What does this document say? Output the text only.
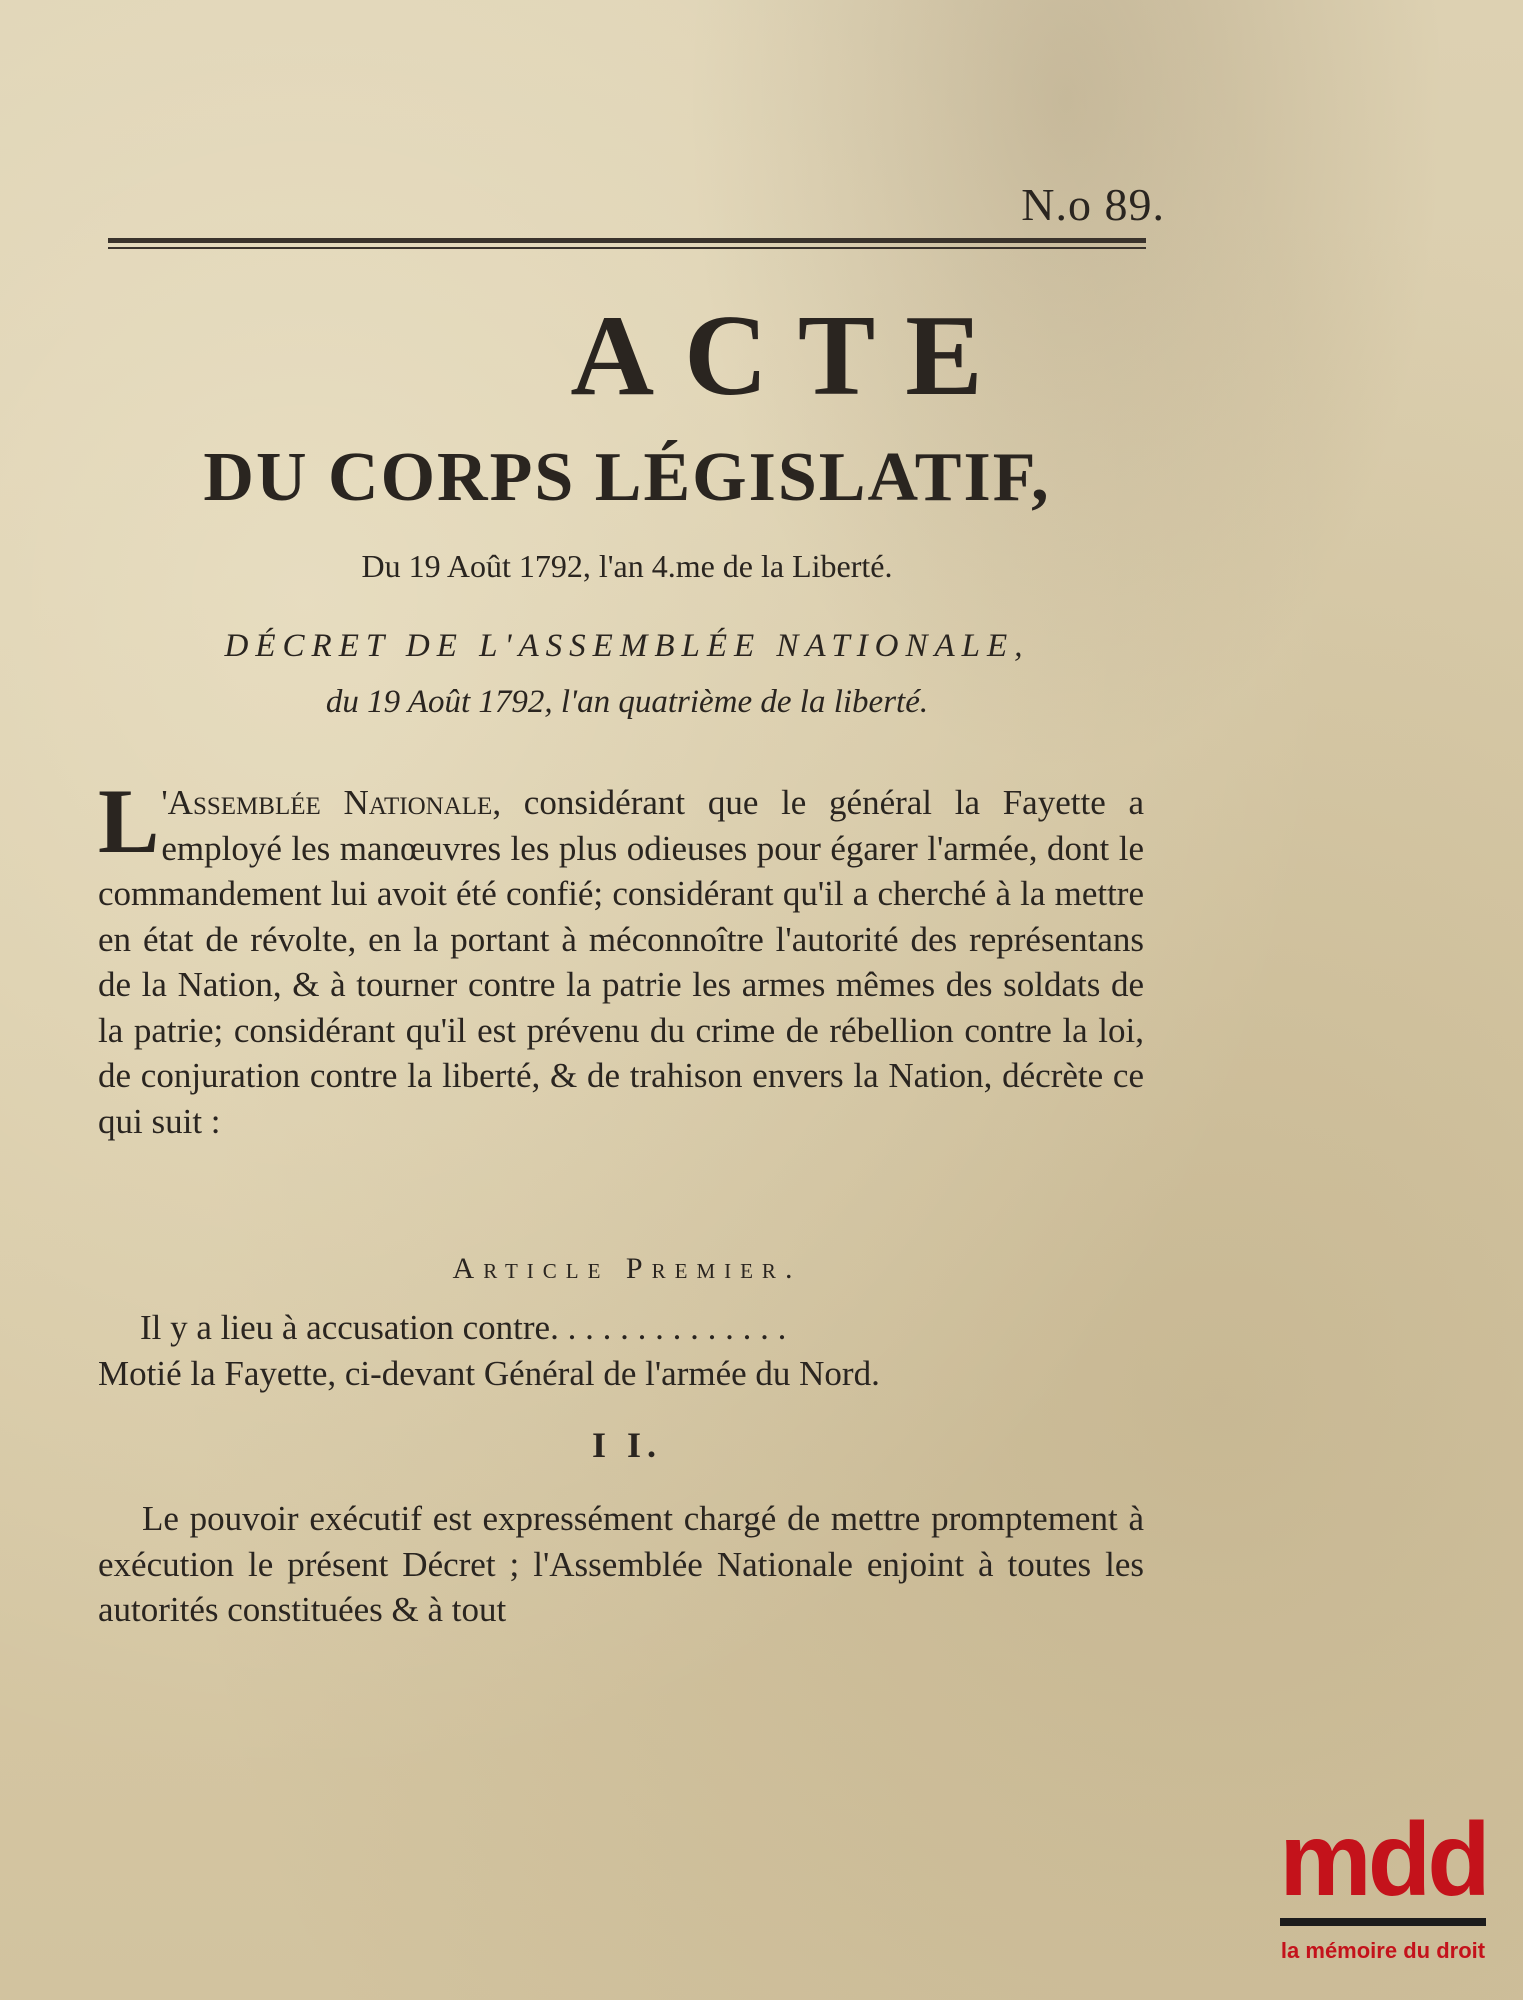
N.o 89.
ACTE
DU CORPS LÉGISLATIF,
Du 19 Août 1792, l'an 4.me de la Liberté.
DÉCRET DE L'ASSEMBLÉE NATIONALE,
du 19 Août 1792, l'an quatrième de la liberté.
L 'Assemblée Nationale, considérant que le général la Fayette a employé les manœuvres les plus odieuses pour égarer l'armée, dont le commandement lui avoit été confié; considérant qu'il a cherché à la mettre en état de révolte, en la portant à méconnoître l'autorité des représentans de la Nation, & à tourner contre la patrie les armes mêmes des soldats de la patrie; considérant qu'il est prévenu du crime de rébellion contre la loi, de conjuration contre la liberté, & de trahison envers la Nation, décrète ce qui suit :
Article Premier.
Il y a lieu à accusation contre. . . . . . . . . . . . . .
Motié la Fayette, ci-devant Général de l'armée du Nord.
I I.
Le pouvoir exécutif est expressément chargé de mettre promptement à exécution le présent Décret ; l'Assemblée Nationale enjoint à toutes les autorités constituées & à tout
mdd
la mémoire du droit
